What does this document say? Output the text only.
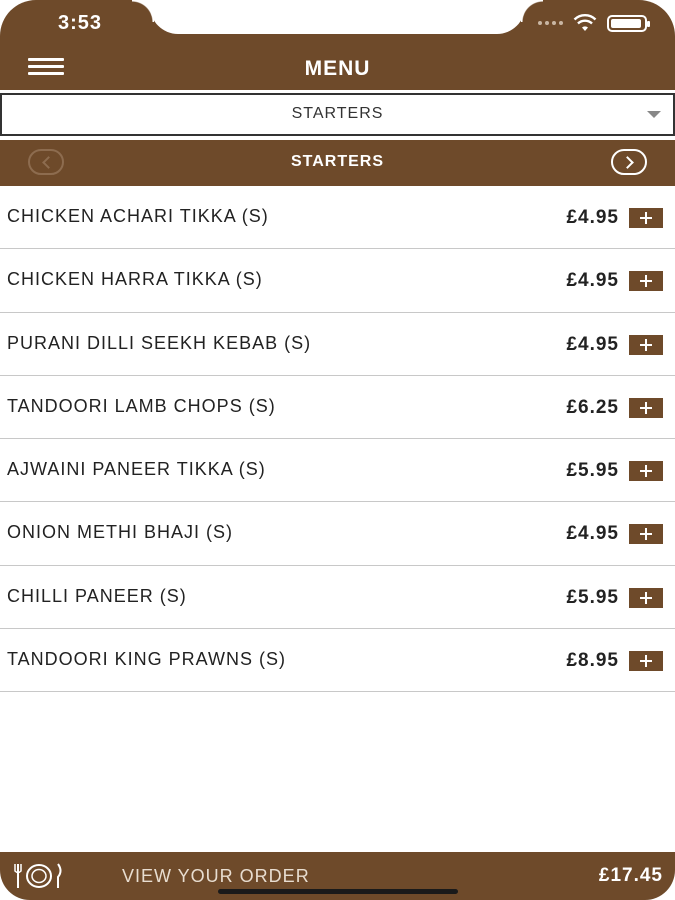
3:53
MENU
STARTERS
STARTERS
CHICKEN ACHARI TIKKA (S)	£4.95
CHICKEN HARRA TIKKA (S)	£4.95
PURANI DILLI SEEKH KEBAB (S)	£4.95
TANDOORI LAMB CHOPS (S)	£6.25
AJWAINI PANEER TIKKA (S)	£5.95
ONION METHI BHAJI (S)	£4.95
CHILLI PANEER (S)	£5.95
TANDOORI KING PRAWNS (S)	£8.95
VIEW YOUR ORDER	£17.45
